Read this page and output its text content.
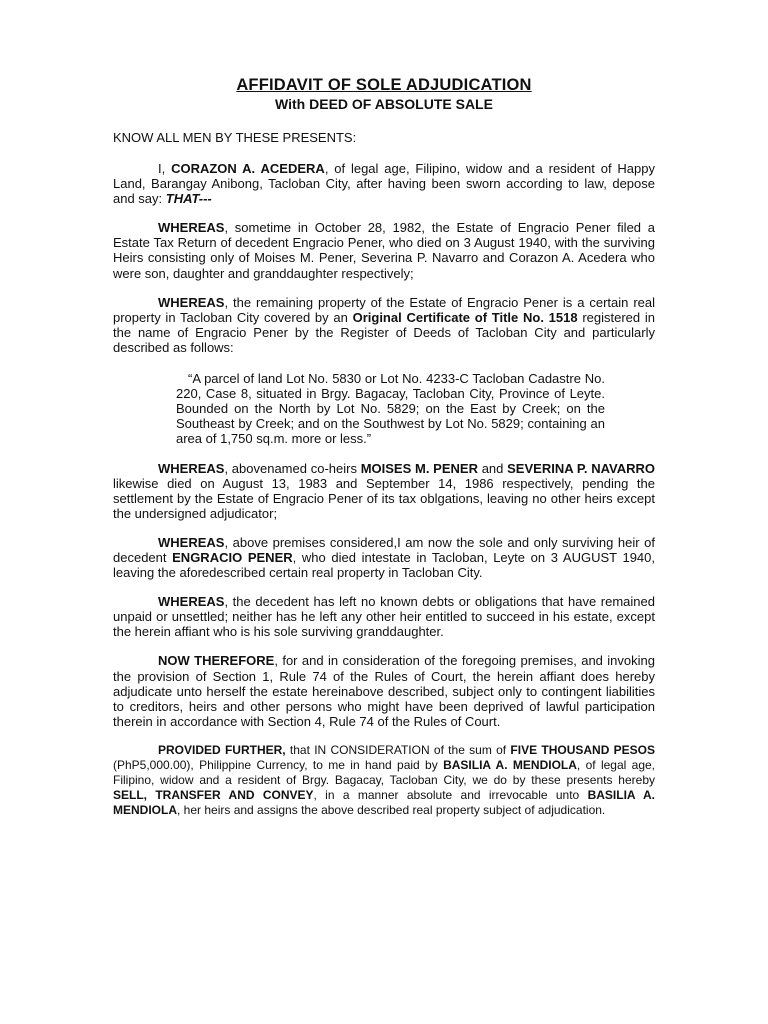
AFFIDAVIT OF SOLE ADJUDICATION
With DEED OF ABSOLUTE SALE
KNOW ALL MEN BY THESE PRESENTS:

I, CORAZON A. ACEDERA, of legal age, Filipino, widow and a resident of Happy Land, Barangay Anibong, Tacloban City, after having been sworn according to law, depose and say: THAT---

WHEREAS, sometime in October 28, 1982, the Estate of Engracio Pener filed a Estate Tax Return of decedent Engracio Pener, who died on 3 August 1940, with the surviving Heirs consisting only of Moises M. Pener, Severina P. Navarro and Corazon A. Acedera who were son, daughter and granddaughter respectively;

WHEREAS, the remaining property of the Estate of Engracio Pener is a certain real property in Tacloban City covered by an Original Certificate of Title No. 1518 registered in the name of Engracio Pener by the Register of Deeds of Tacloban City and particularly described as follows:

“A parcel of land Lot No. 5830 or Lot No. 4233-C Tacloban Cadastre No. 220, Case 8, situated in Brgy. Bagacay, Tacloban City, Province of Leyte. Bounded on the North by Lot No. 5829; on the East by Creek; on the Southeast by Creek; and on the Southwest by Lot No. 5829; containing an area of 1,750 sq.m. more or less.”

WHEREAS, abovenamed co-heirs MOISES M. PENER and SEVERINA P. NAVARRO likewise died on August 13, 1983 and September 14, 1986 respectively, pending the settlement by the Estate of Engracio Pener of its tax oblgations, leaving no other heirs except the undersigned adjudicator;

WHEREAS, above premises considered,I am now the sole and only surviving heir of decedent ENGRACIO PENER, who died intestate in Tacloban, Leyte on 3 AUGUST 1940, leaving the aforedescribed certain real property in Tacloban City.

WHEREAS, the decedent has left no known debts or obligations that have remained unpaid or unsettled; neither has he left any other heir entitled to succeed in his estate, except the herein affiant who is his sole surviving granddaughter.

NOW THEREFORE, for and in consideration of the foregoing premises, and invoking the provision of Section 1, Rule 74 of the Rules of Court, the herein affiant does hereby adjudicate unto herself the estate hereinabove described, subject only to contingent liabilities to creditors, heirs and other persons who might have been deprived of lawful participation therein in accordance with Section 4, Rule 74 of the Rules of Court.

PROVIDED FURTHER, that IN CONSIDERATION of the sum of FIVE THOUSAND PESOS (PhP5,000.00), Philippine Currency, to me in hand paid by BASILIA A. MENDIOLA, of legal age, Filipino, widow and a resident of Brgy. Bagacay, Tacloban City, we do by these presents hereby SELL, TRANSFER AND CONVEY, in a manner absolute and irrevocable unto BASILIA A. MENDIOLA, her heirs and assigns the above described real property subject of adjudication.
